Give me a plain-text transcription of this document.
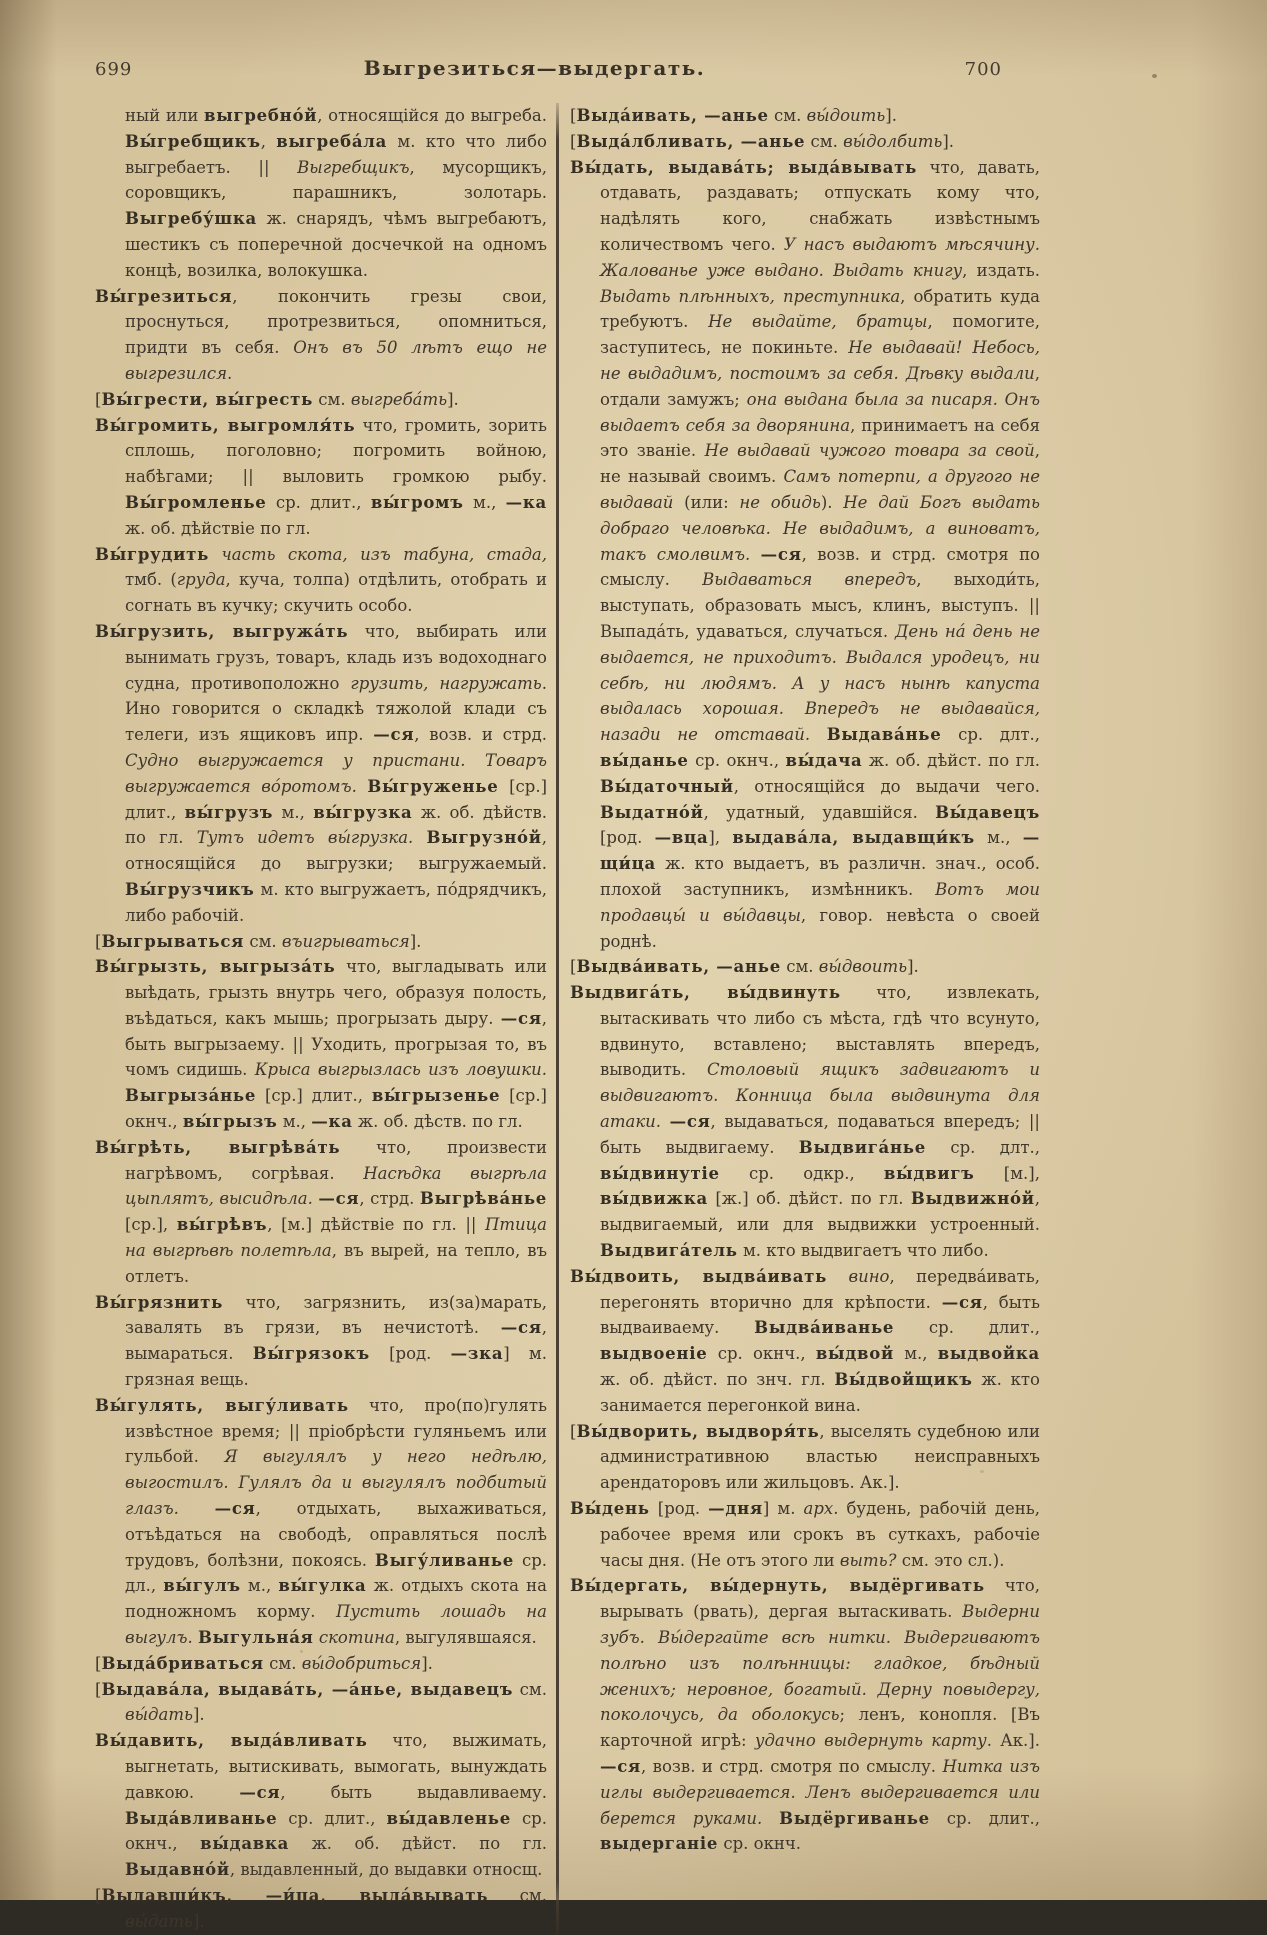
699	Выгрезиться—выдергать.	700

ный или выгребнóй, относящійся до выгреба. Вы́гребщикъ, выгребáла м. кто что либо выгребаетъ. || Выгребщикъ, мусорщикъ, соровщикъ, парашникъ, золотарь. Выгребу́шка ж. снарядъ, чѣмъ выгребаютъ, шестикъ съ поперечной досчечкой на одномъ концѣ, возилка, волокушка.

Вы́грезиться, покончить грезы свои, проснуться, протрезвиться, опомниться, придти въ себя. Онъ въ 50 лѣтъ ещо не выгрезился.

[Вы́грести, вы́гресть см. выгребáть].

Вы́громить, выгромля́ть что, громить, зорить сплошь, поголовно; погромить войною, набѣгами; || выловить громкою рыбу. Вы́громленье ср. длит., вы́громъ м., —ка ж. об. дѣйствіе по гл.

Вы́грудить часть скота, изъ табуна, стада, тмб. (груда, куча, толпа) отдѣлить, отобрать и согнать въ кучку; скучить особо.

Вы́грузить, выгружáть что, выбирать или вынимать грузъ, товаръ, кладь изъ водоходнаго судна, противоположно грузить, нагружать. Ино говорится о складкѣ тяжолой клади съ телеги, изъ ящиковъ ипр. —ся, возв. и стрд. Судно выгружается у пристани. Товаръ выгружается вóротомъ. Вы́груженье [ср.] длит., вы́грузъ м., вы́грузка ж. об. дѣйств. по гл. Тутъ идетъ вы́грузка. Выгрузнóй, относящійся до выгрузки; выгружаемый. Вы́грузчикъ м. кто выгружаетъ, пóдрядчикъ, либо рабочій.

[Выгрываться см. въигрываться].

Вы́грызть, выгрызáть что, выгладывать или выѣдать, грызть внутрь чего, образуя полость, въѣдаться, какъ мышь; прогрызать дыру. —ся, быть выгрызаему. || Уходить, прогрызая то, въ чомъ сидишь. Крыса выгрызлась изъ ловушки. Выгрызáнье [ср.] длит., вы́грызенье [ср.] окнч., вы́грызъ м., —ка ж. об. дѣств. по гл.

Вы́грѣть, выгрѣвáть что, произвести нагрѣвомъ, согрѣвая. Насѣдка выгрѣла цыплятъ, высидѣла. —ся, стрд. Выгрѣвáнье [ср.], вы́грѣвъ, [м.] дѣйствіе по гл. || Птица на выгрѣвѣ полетѣла, въ вырей, на тепло, въ отлетъ.

Вы́грязнить что, загрязнить, из(за)марать, завалять въ грязи, въ нечистотѣ. —ся, вымараться. Вы́грязокъ [род. —зка] м. грязная вещь.

Вы́гулять, выгу́ливать что, про(по)гулять извѣстное время; || пріобрѣсти гуляньемъ или гульбой. Я выгулялъ у него недѣлю, выгостилъ. Гулялъ да и выгулялъ подбитый глазъ. —ся, отдыхать, выхаживаться, отъѣдаться на свободѣ, оправляться послѣ трудовъ, болѣзни, покоясь. Выгу́ливанье ср. дл., вы́гулъ м., вы́гулка ж. отдыхъ скота на подножномъ корму. Пустить лошадь на выгулъ. Выгульнáя скотина, выгулявшаяся.

[Выдáбриваться см. вы́добриться].

[Выдавáла, выдавáть, —áнье, выдавецъ см. вы́дать].

Вы́давить, выдáвливать что, выжимать, выгнетать, вытискивать, вымогать, вынуждать давкою. —ся, быть выдавливаему. Выдáвливанье ср. длит., вы́давленье ср. окнч., вы́давка ж. об. дѣйст. по гл. Выдавнóй, выдавленный, до выдавки относщ.

[Выдавщи́къ, —и́ца, выдáвывать см. вы́дать].

[Выдáивать, —анье см. вы́доить].

[Выдáлбливать, —анье см. вы́долбить].

Вы́дать, выдавáть; выдáвывать что, давать, отдавать, раздавать; отпускать кому что, надѣлять кого, снабжать извѣстнымъ количествомъ чего. У насъ выдаютъ мѣсячину. Жалованье уже выдано. Выдать книгу, издать. Выдать плѣнныхъ, преступника, обратить куда требуютъ. Не выдайте, братцы, помогите, заступитесь, не покиньте. Не выдавай! Небось, не выдадимъ, постоимъ за себя. Дѣвку выдали, отдали замужъ; она выдана была за писаря. Онъ выдаетъ себя за дворянина, принимаетъ на себя это званіе. Не выдавай чужого товара за свой, не называй своимъ. Самъ потерпи, а другого не выдавай (или: не обидь). Не дай Богъ выдать добраго человѣка. Не выдадимъ, а виноватъ, такъ смолвимъ. —ся, возв. и стрд. смотря по смыслу. Выдаваться впередъ, выходи́ть, выступать, образовать мысъ, клинъ, выступъ. || Выпадáть, удаваться, случаться. День нá день не выдается, не приходитъ. Выдался уродецъ, ни себѣ, ни людямъ. А у насъ нынѣ капуста выдалась хорошая. Впередъ не выдавайся, назади не отставай. Выдавáнье ср. длт., вы́данье ср. окнч., вы́дача ж. об. дѣйст. по гл. Вы́даточный, относящійся до выдачи чего. Выдатнóй, удатный, удавшійся. Вы́давецъ [род. —вца], выдавáла, выдавщи́къ м., —щи́ца ж. кто выдаетъ, въ различн. знач., особ. плохой заступникъ, измѣнникъ. Вотъ мои продавцы́ и вы́давцы, говор. невѣста о своей роднѣ.

[Выдвáивать, —анье см. вы́двоить].

Выдвигáть, вы́двинуть что, извлекать, вытаскивать что либо съ мѣста, гдѣ что всунуто, вдвинуто, вставлено; выставлять впередъ, выводить. Столовый ящикъ задвигаютъ и выдвигаютъ. Конница была выдвинута для атаки. —ся, выдаваться, подаваться впередъ; || быть выдвигаему. Выдвигáнье ср. длт., вы́двинутіе ср. одкр., вы́двигъ [м.], вы́движка [ж.] об. дѣйст. по гл. Выдвижнóй, выдвигаемый, или для выдвижки устроенный. Выдвигáтель м. кто выдвигаетъ что либо.

Вы́двоить, выдвáивать вино, передвáивать, перегонять вторично для крѣпости. —ся, быть выдваиваему. Выдвáиванье ср. длит., выдвоеніе ср. окнч., вы́двой м., выдвойка ж. об. дѣйст. по знч. гл. Вы́двойщикъ ж. кто занимается перегонкой вина.

[Вы́дворить, выдворя́ть, выселять судебною или административною властью неисправныхъ арендаторовъ или жильцовъ. Ак.].

Вы́день [род. —дня] м. арх. будень, рабочій день, рабочее время или срокъ въ суткахъ, рабочіе часы дня. (Не отъ этого ли выть? см. это сл.).

Вы́дергать, вы́дернуть, выдёргивать что, вырывать (рвать), дергая вытаскивать. Выдерни зубъ. Вы́дергайте всѣ нитки. Выдергиваютъ полѣно изъ полѣнницы: гладкое, бѣдный женихъ; неровное, богатый. Дерну повыдергу, поколочусь, да оболокусь; ленъ, конопля. [Въ карточной игрѣ: удачно выдернуть карту. Ак.]. —ся, возв. и стрд. смотря по смыслу. Нитка изъ иглы выдергивается. Ленъ выдергивается или берется руками. Выдёргиванье ср. длит., выдерганіе ср. окнч.
